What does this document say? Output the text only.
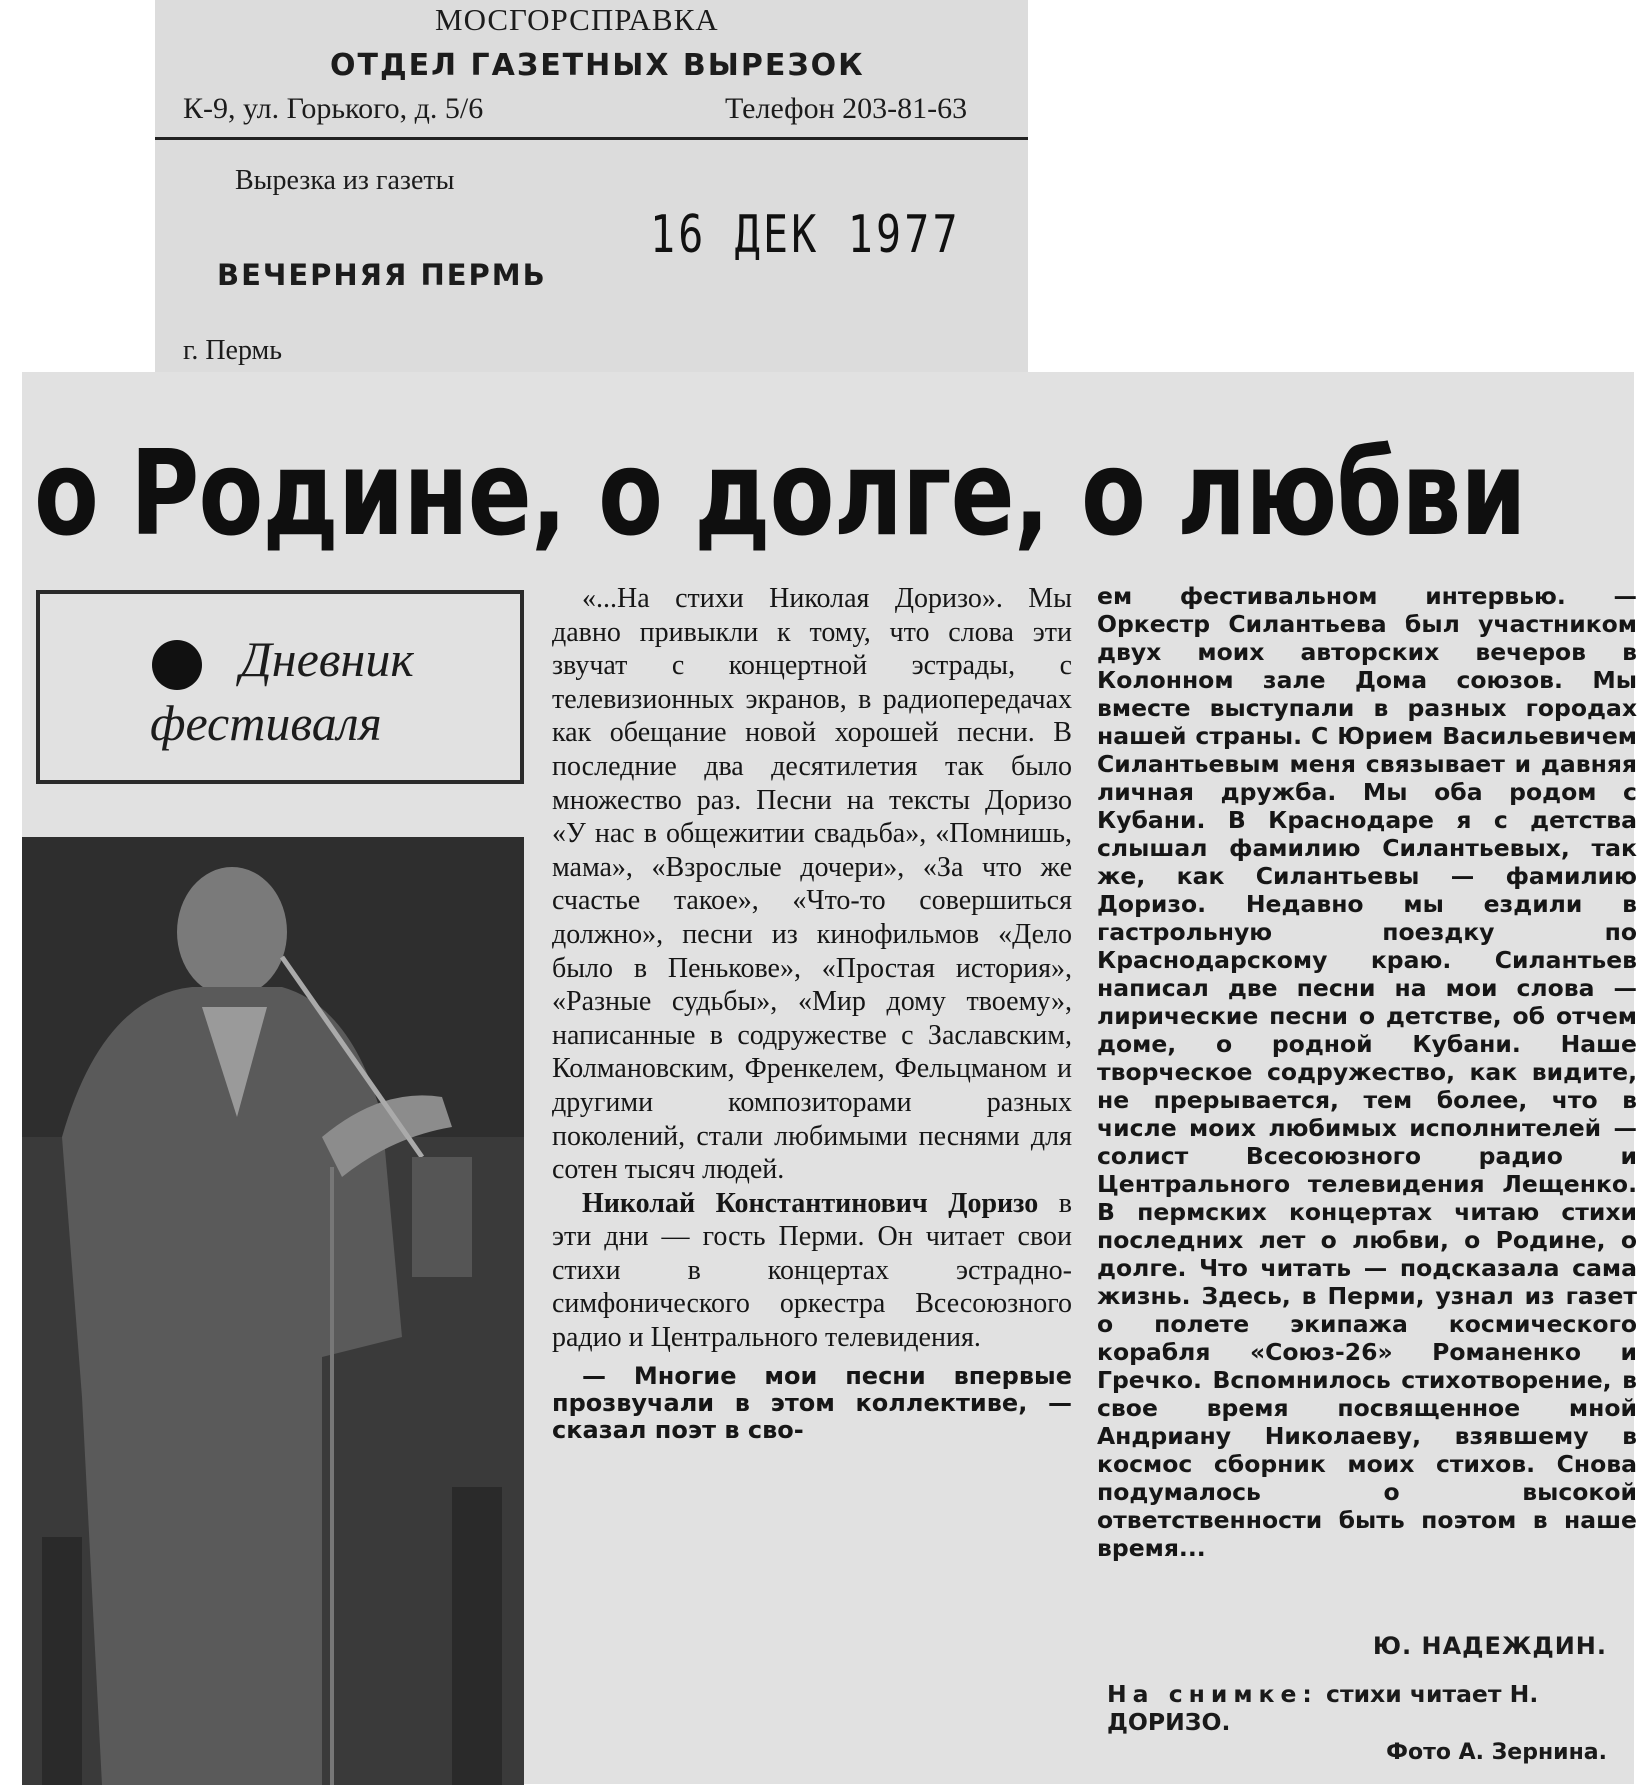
МОСГОРСПРАВКА
ОТДЕЛ ГАЗЕТНЫХ ВЫРЕЗОК
К-9, ул. Горького, д. 5/6	Телефон 203-81-63
Вырезка из газеты
16 ДЕК 1977
ВЕЧЕРНЯЯ ПЕРМЬ
г. Пермь
о Родине, о долге, о любви
Дневник
фестиваля

«...На стихи Николая Доризо». Мы давно привыкли к тому, что слова эти звучат с концертной эстрады, с телевизионных экранов, в радиопередачах как обещание новой хорошей песни. В последние два десятилетия так было множество раз. Песни на тексты Доризо «У нас в общежитии свадьба», «Помнишь, мама», «Взрослые дочери», «За что же счастье такое», «Что-то совершиться должно», песни из кинофильмов «Дело было в Пенькове», «Простая история», «Разные судьбы», «Мир дому твоему», написанные в содружестве с Заславским, Колмановским, Френкелем, Фельцманом и другими композиторами разных поколений, стали любимыми песнями для сотен тысяч людей.

Николай Константинович Доризо в эти дни — гость Перми. Он читает свои стихи в концертах эстрадно-симфонического оркестра Всесоюзного радио и Центрального телевидения.

— Многие мои песни впервые прозвучали в этом коллективе, — сказал поэт в сво-

ем фестивальном интервью. — Оркестр Силантьева был участником двух моих авторских вечеров в Колонном зале Дома союзов. Мы вместе выступали в разных городах нашей страны. С Юрием Васильевичем Силантьевым меня связывает и давняя личная дружба. Мы оба родом с Кубани. В Краснодаре я с детства слышал фамилию Силантьевых, так же, как Силантьевы — фамилию Доризо. Недавно мы ездили в гастрольную поездку по Краснодарскому краю. Силантьев написал две песни на мои слова — лирические песни о детстве, об отчем доме, о родной Кубани. Наше творческое содружество, как видите, не прерывается, тем более, что в числе моих любимых исполнителей — солист Всесоюзного радио и Центрального телевидения Лещенко. В пермских концертах читаю стихи последних лет о любви, о Родине, о долге. Что читать — подсказала сама жизнь. Здесь, в Перми, узнал из газет о полете экипажа космического корабля «Союз-26» Романенко и Гречко. Вспомнилось стихотворение, в свое время посвященное мной Андриану Николаеву, взявшему в космос сборник моих стихов. Снова подумалось о высокой ответственности быть поэтом в наше время...

Ю. НАДЕЖДИН.
На снимке: стихи читает Н. ДОРИЗО.
Фото А. Зернина.
